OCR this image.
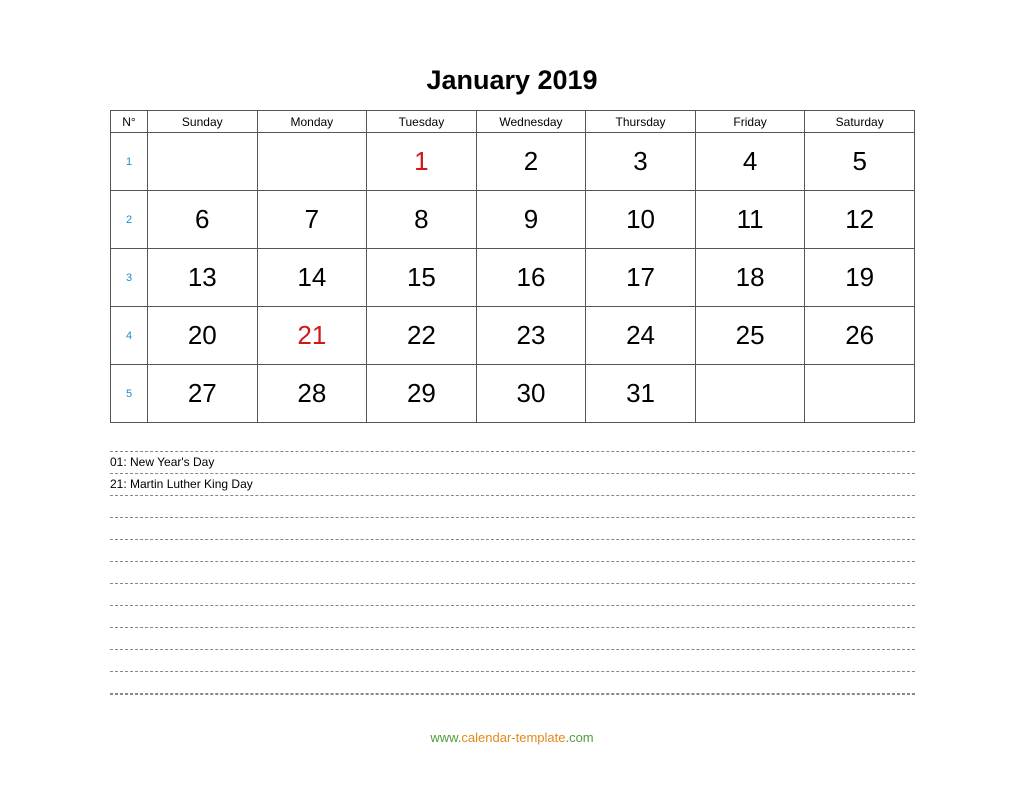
January 2019
N°	Sunday	Monday	Tuesday	Wednesday	Thursday	Friday	Saturday
1			1	2	3	4	5
2	6	7	8	9	10	11	12
3	13	14	15	16	17	18	19
4	20	21	22	23	24	25	26
5	27	28	29	30	31		
01: New Year's Day
21: Martin Luther King Day
www.calendar-template.com
